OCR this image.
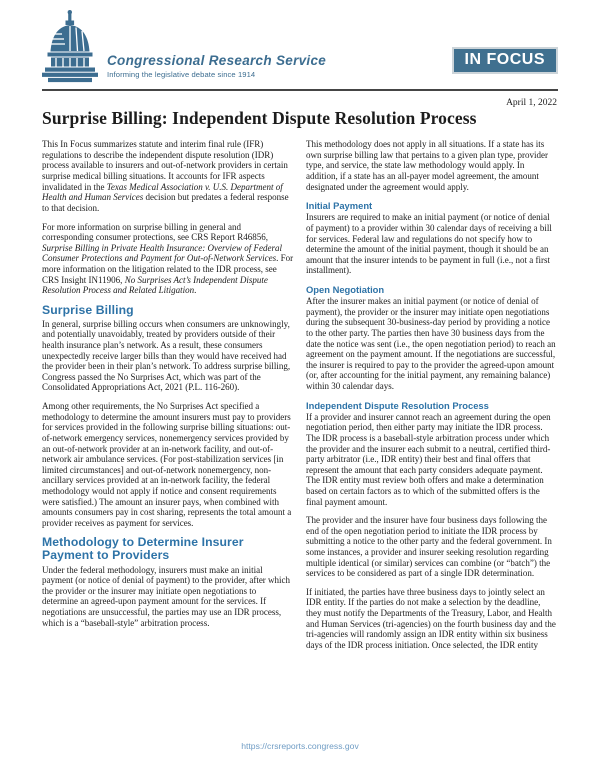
Congressional Research Service
Informing the legislative debate since 1914
IN FOCUS
April 1, 2022
Surprise Billing: Independent Dispute Resolution Process

This In Focus summarizes statute and interim final rule (IFR) regulations to describe the independent dispute resolution (IDR) process available to insurers and out-of-network providers in certain surprise medical billing situations. It accounts for IFR aspects invalidated in the Texas Medical Association v. U.S. Department of Health and Human Services decision but predates a federal response to that decision.

For more information on surprise billing in general and corresponding consumer protections, see CRS Report R46856, Surprise Billing in Private Health Insurance: Overview of Federal Consumer Protections and Payment for Out-of-Network Services. For more information on the litigation related to the IDR process, see CRS Insight IN11906, No Surprises Act’s Independent Dispute Resolution Process and Related Litigation.

Surprise Billing

In general, surprise billing occurs when consumers are unknowingly, and potentially unavoidably, treated by providers outside of their health insurance plan’s network. As a result, these consumers unexpectedly receive larger bills than they would have received had the provider been in their plan’s network. To address surprise billing, Congress passed the No Surprises Act, which was part of the Consolidated Appropriations Act, 2021 (P.L. 116-260).

Among other requirements, the No Surprises Act specified a methodology to determine the amount insurers must pay to providers for services provided in the following surprise billing situations: out-of-network emergency services, nonemergency services provided by an out-of-network provider at an in-network facility, and out-of-network air ambulance services. (For post-stabilization services [in limited circumstances] and out-of-network nonemergency, non-ancillary services provided at an in-network facility, the federal methodology would not apply if notice and consent requirements were satisfied.) The amount an insurer pays, when combined with amounts consumers pay in cost sharing, represents the total amount a provider receives as payment for services.

Methodology to Determine Insurer Payment to Providers

Under the federal methodology, insurers must make an initial payment (or notice of denial of payment) to the provider, after which the provider or the insurer may initiate open negotiations to determine an agreed-upon payment amount for the services. If negotiations are unsuccessful, the parties may use an IDR process, which is a “baseball-style” arbitration process.

This methodology does not apply in all situations. If a state has its own surprise billing law that pertains to a given plan type, provider type, and service, the state law methodology would apply. In addition, if a state has an all-payer model agreement, the amount designated under the agreement would apply.

Initial Payment

Insurers are required to make an initial payment (or notice of denial of payment) to a provider within 30 calendar days of receiving a bill for services. Federal law and regulations do not specify how to determine the amount of the initial payment, though it should be an amount that the insurer intends to be payment in full (i.e., not a first installment).

Open Negotiation

After the insurer makes an initial payment (or notice of denial of payment), the provider or the insurer may initiate open negotiations during the subsequent 30-business-day period by providing a notice to the other party. The parties then have 30 business days from the date the notice was sent (i.e., the open negotiation period) to reach an agreement on the payment amount. If the negotiations are successful, the insurer is required to pay to the provider the agreed-upon amount (or, after accounting for the initial payment, any remaining balance) within 30 calendar days.

Independent Dispute Resolution Process

If a provider and insurer cannot reach an agreement during the open negotiation period, then either party may initiate the IDR process. The IDR process is a baseball-style arbitration process under which the provider and the insurer each submit to a neutral, certified third-party arbitrator (i.e., IDR entity) their best and final offers that represent the amount that each party considers adequate payment. The IDR entity must review both offers and make a determination based on certain factors as to which of the submitted offers is the final payment amount.

The provider and the insurer have four business days following the end of the open negotiation period to initiate the IDR process by submitting a notice to the other party and the federal government. In some instances, a provider and insurer seeking resolution regarding multiple identical (or similar) services can combine (or “batch”) the services to be considered as part of a single IDR determination.

If initiated, the parties have three business days to jointly select an IDR entity. If the parties do not make a selection by the deadline, they must notify the Departments of the Treasury, Labor, and Health and Human Services (tri-agencies) on the fourth business day and the tri-agencies will randomly assign an IDR entity within six business days of the IDR process initiation. Once selected, the IDR entity

https://crsreports.congress.gov
